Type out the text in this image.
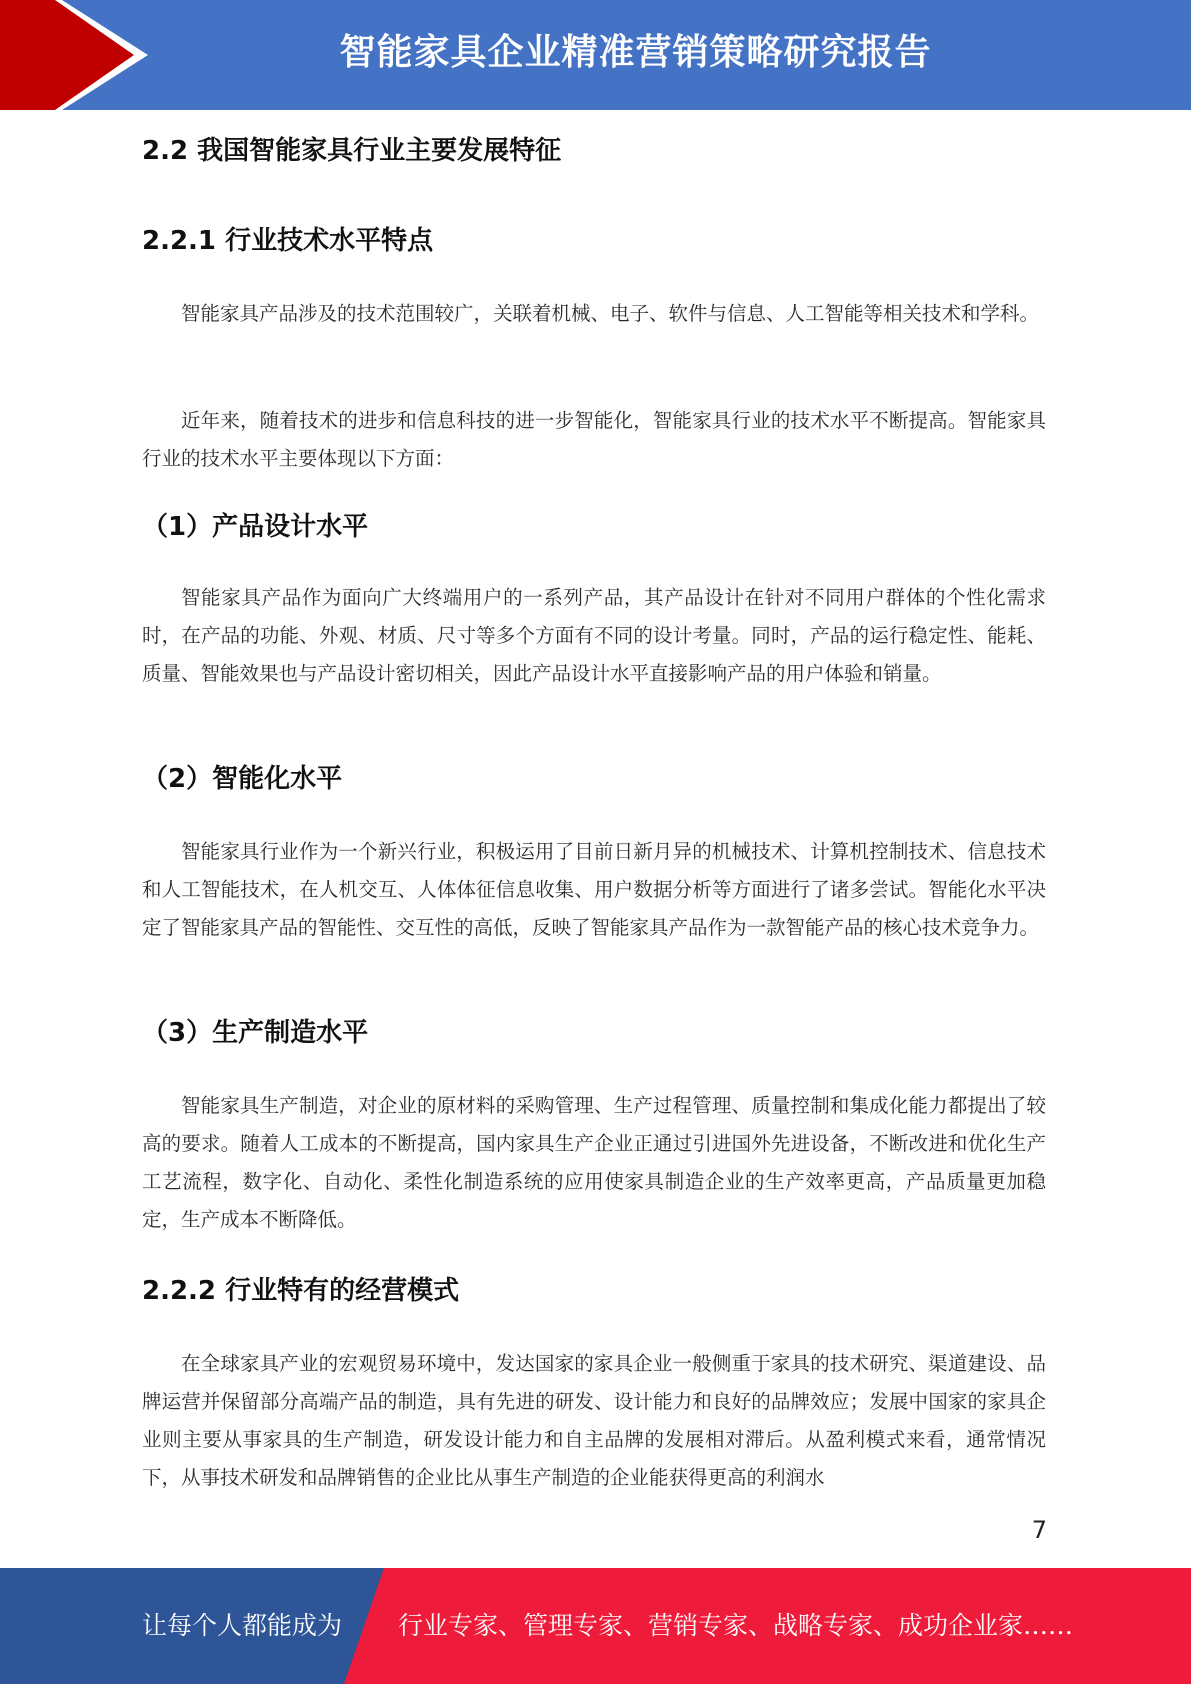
智能家具企业精准营销策略研究报告
2.2 我国智能家具行业主要发展特征
2.2.1 行业技术水平特点

智能家具产品涉及的技术范围较广，关联着机械、电子、软件与信息、人工智能等相关技术和学科。

近年来，随着技术的进步和信息科技的进一步智能化，智能家具行业的技术水平不断提高。智能家具行业的技术水平主要体现以下方面：

（1）产品设计水平

智能家具产品作为面向广大终端用户的一系列产品，其产品设计在针对不同用户群体的个性化需求时，在产品的功能、外观、材质、尺寸等多个方面有不同的设计考量。同时，产品的运行稳定性、能耗、质量、智能效果也与产品设计密切相关，因此产品设计水平直接影响产品的用户体验和销量。

（2）智能化水平

智能家具行业作为一个新兴行业，积极运用了目前日新月异的机械技术、计算机控制技术、信息技术和人工智能技术，在人机交互、人体体征信息收集、用户数据分析等方面进行了诸多尝试。智能化水平决定了智能家具产品的智能性、交互性的高低，反映了智能家具产品作为一款智能产品的核心技术竞争力。

（3）生产制造水平

智能家具生产制造，对企业的原材料的采购管理、生产过程管理、质量控制和集成化能力都提出了较高的要求。随着人工成本的不断提高，国内家具生产企业正通过引进国外先进设备，不断改进和优化生产工艺流程，数字化、自动化、柔性化制造系统的应用使家具制造企业的生产效率更高，产品质量更加稳定，生产成本不断降低。

2.2.2 行业特有的经营模式

在全球家具产业的宏观贸易环境中，发达国家的家具企业一般侧重于家具的技术研究、渠道建设、品牌运营并保留部分高端产品的制造，具有先进的研发、设计能力和良好的品牌效应；发展中国家的家具企业则主要从事家具的生产制造，研发设计能力和自主品牌的发展相对滞后。从盈利模式来看，通常情况下，从事技术研发和品牌销售的企业比从事生产制造的企业能获得更高的利润水

7
让每个人都能成为 行业专家、管理专家、营销专家、战略专家、成功企业家……
